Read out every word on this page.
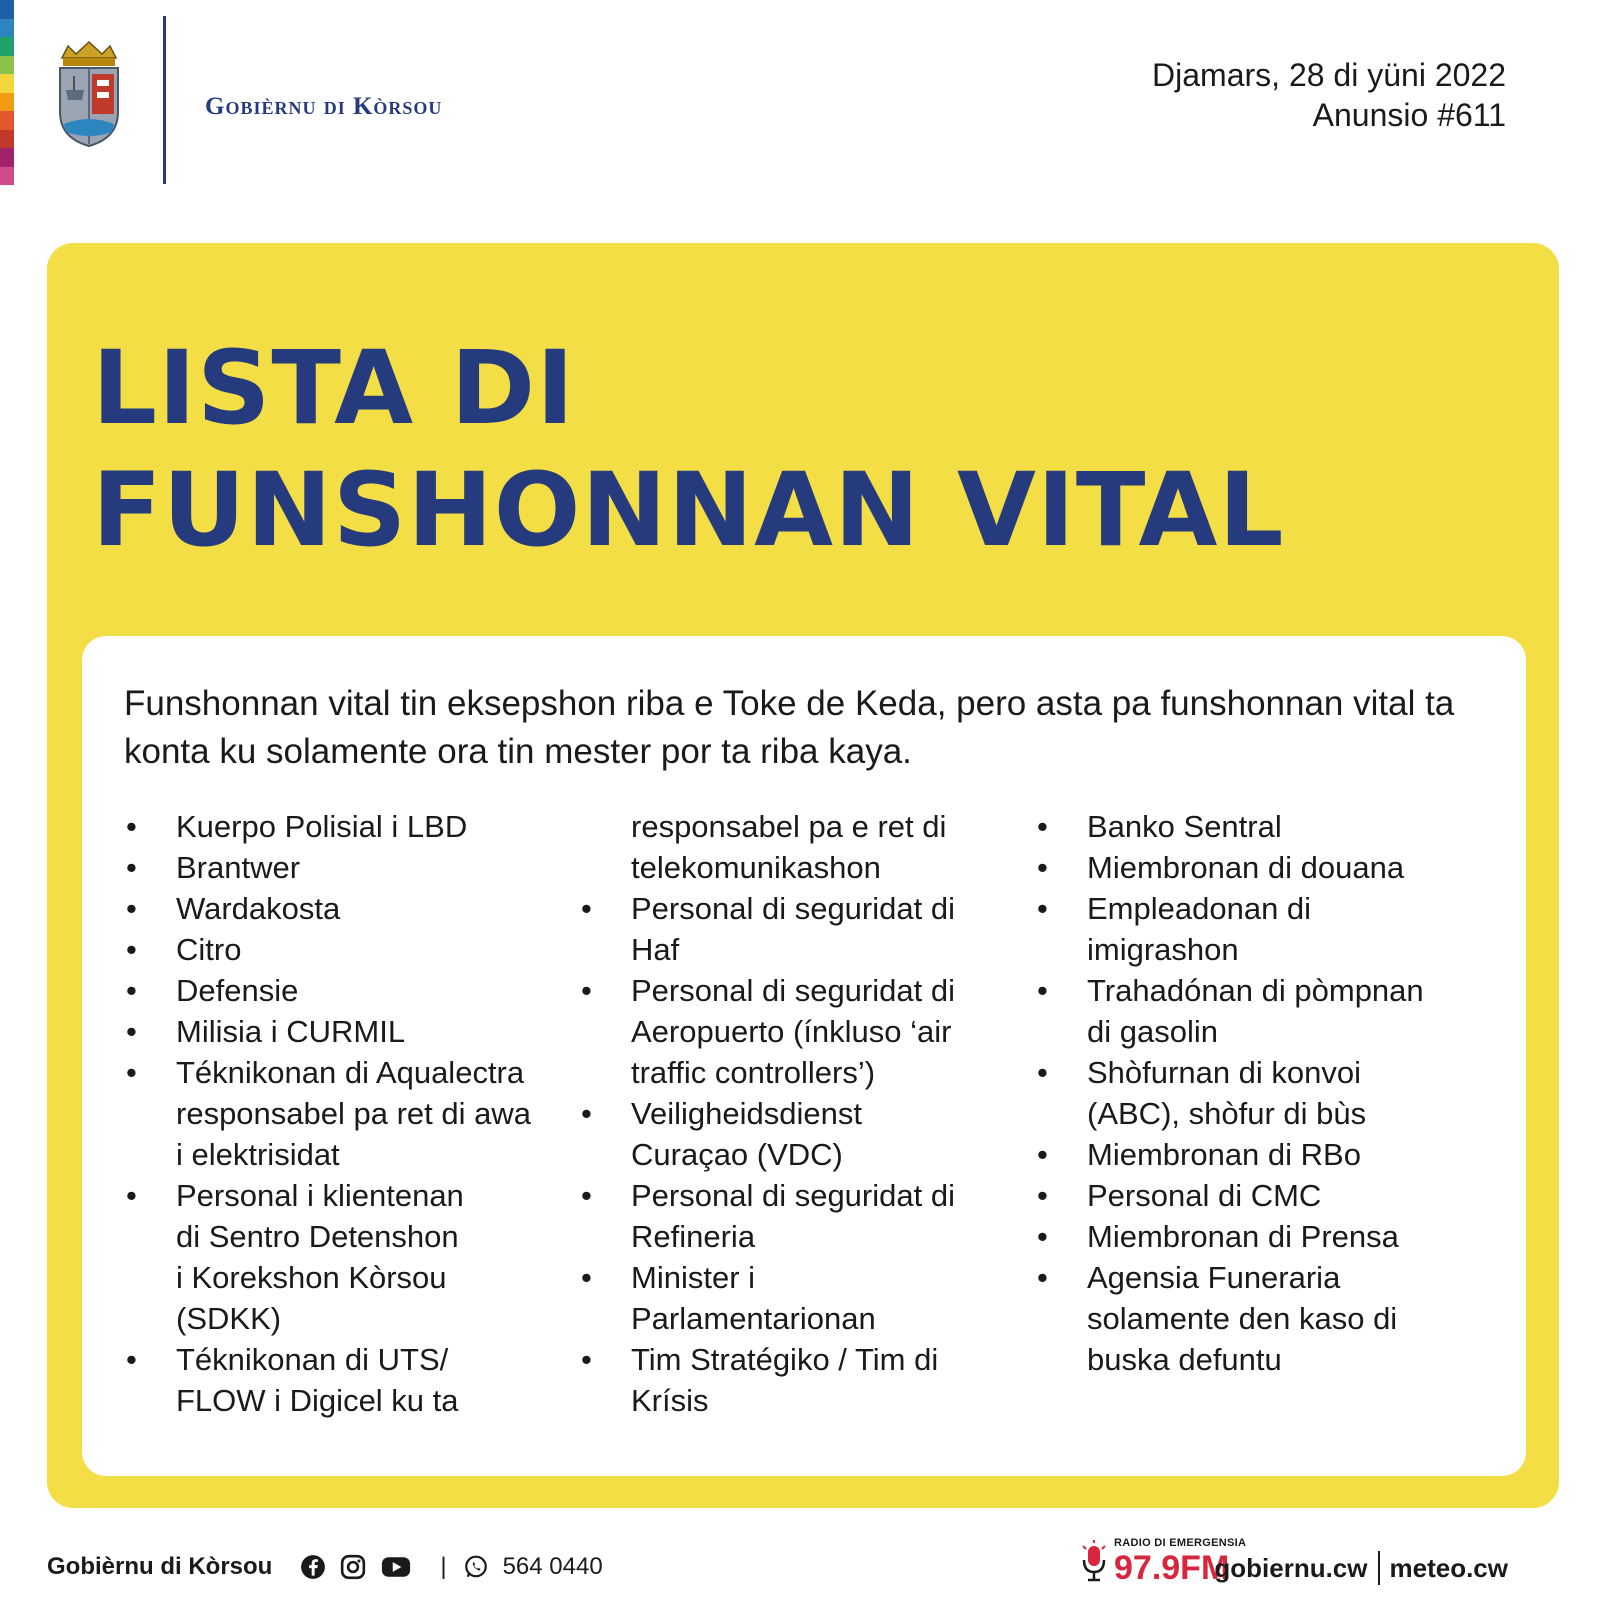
Gobièrnu di Kòrsou
Djamars, 28 di yüni 2022
Anunsio #611
LISTA DI FUNSHONNAN VITAL

Funshonnan vital tin eksepshon riba e Toke de Keda, pero asta pa funshonnan vital ta konta ku solamente ora tin mester por ta riba kaya.

• Kuerpo Polisial i LBD
• Brantwer
• Wardakosta
• Citro
• Defensie
• Milisia i CURMIL
• Téknikonan di Aqualectra
responsabel pa ret di awa
i elektrisidat
• Personal i klientenan
di Sentro Detenshon
i Korekshon Kòrsou
(SDKK)
• Téknikonan di UTS/
FLOW i Digicel ku ta
responsabel pa e ret di
telekomunikashon
• Personal di seguridat di
Haf
• Personal di seguridat di
Aeropuerto (ínkluso ‘air
traffic controllers’)
• Veiligheidsdienst
Curaçao (VDC)
• Personal di seguridat di
Refineria
• Minister i
Parlamentarionan
• Tim Stratégiko / Tim di
Krísis
• Banko Sentral
• Miembronan di douana
• Empleadonan di
imigrashon
• Trahadónan di pòmpnan
di gasolin
• Shòfurnan di konvoi
(ABC), shòfur di bùs
• Miembronan di RBo
• Personal di CMC
• Miembronan di Prensa
• Agensia Funeraria
solamente den kaso di
buska defuntu
Gobièrnu di Kòrsou	| 564 0440
RADIO DI EMERGENSIA
97.9FM
gobiernu.cw meteo.cw
